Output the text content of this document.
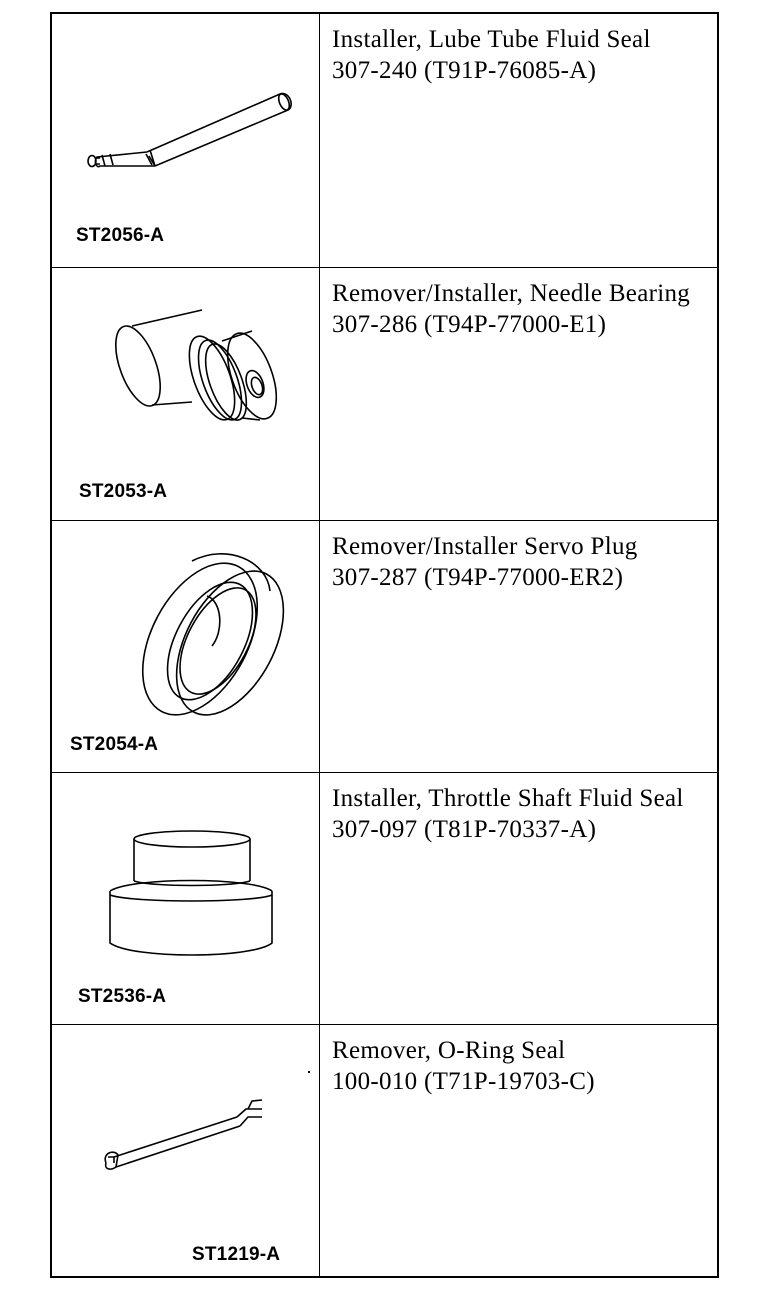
ST2056-A

Installer, Lube Tube Fluid Seal

307-240 (T91P-76085-A)

ST2053-A

Remover/Installer, Needle Bearing

307-286 (T94P-77000-E1)

ST2054-A

Remover/Installer Servo Plug

307-287 (T94P-77000-ER2)

ST2536-A

Installer, Throttle Shaft Fluid Seal

307-097 (T81P-70337-A)

ST1219-A

Remover, O-Ring Seal

100-010 (T71P-19703-C)
